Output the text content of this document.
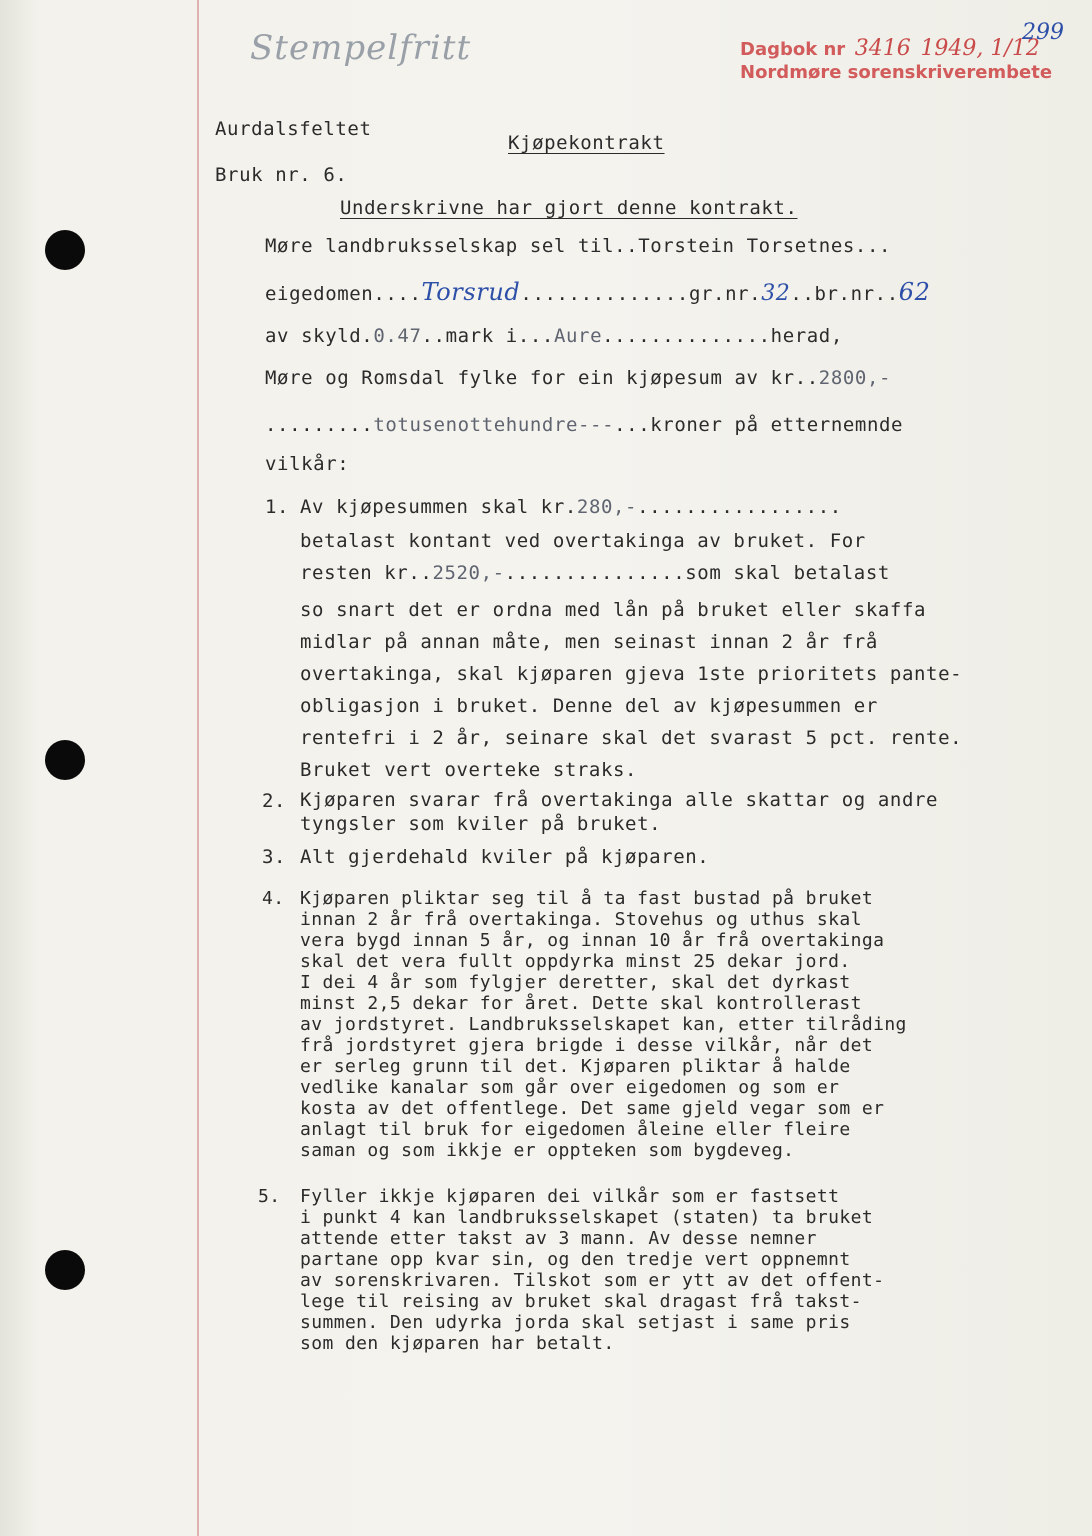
Stempelfritt	Dagbok nr 3416 1949, 1/12
Nordmøre sorenskriverembete
299
Aurdalsfeltet
Kjøpekontrakt
Bruk nr. 6.
Underskrivne har gjort denne kontrakt.
Møre landbruksselskap sel til..Torstein Torsetnes...
eigedomen....Torsrud..............gr.nr.32..br.nr..62
av skyld.0.47..mark i...Aure..............herad,
Møre og Romsdal fylke for ein kjøpesum av kr..2800,-
.........totusenottehundre---...kroner på etternemnde
vilkår:
1. Av kjøpesummen skal kr.280,-.................
betalast kontant ved overtakinga av bruket. For
resten kr..2520,-...............som skal betalast
so snart det er ordna med lån på bruket eller skaffa
midlar på annan måte, men seinast innan 2 år frå
overtakinga, skal kjøparen gjeva 1ste prioritets pante-
obligasjon i bruket. Denne del av kjøpesummen er
rentefri i 2 år, seinare skal det svarast 5 pct. rente.
Bruket vert overteke straks.
2. Kjøparen svarar frå overtakinga alle skattar og andre
tyngsler som kviler på bruket.
3. Alt gjerdehald kviler på kjøparen.
4. Kjøparen pliktar seg til å ta fast bustad på bruket
innan 2 år frå overtakinga. Stovehus og uthus skal
vera bygd innan 5 år, og innan 10 år frå overtakinga
skal det vera fullt oppdyrka minst 25 dekar jord.
I dei 4 år som fylgjer deretter, skal det dyrkast
minst 2,5 dekar for året. Dette skal kontrollerast
av jordstyret. Landbruksselskapet kan, etter tilråding
frå jordstyret gjera brigde i desse vilkår, når det
er serleg grunn til det. Kjøparen pliktar å halde
vedlike kanalar som går over eigedomen og som er
kosta av det offentlege. Det same gjeld vegar som er
anlagt til bruk for eigedomen åleine eller fleire
saman og som ikkje er oppteken som bygdeveg.
5. Fyller ikkje kjøparen dei vilkår som er fastsett
i punkt 4 kan landbruksselskapet (staten) ta bruket
attende etter takst av 3 mann. Av desse nemner
partane opp kvar sin, og den tredje vert oppnemnt
av sorenskrivaren. Tilskot som er ytt av det offent-
lege til reising av bruket skal dragast frå takst-
summen. Den udyrka jorda skal setjast i same pris
som den kjøparen har betalt.
